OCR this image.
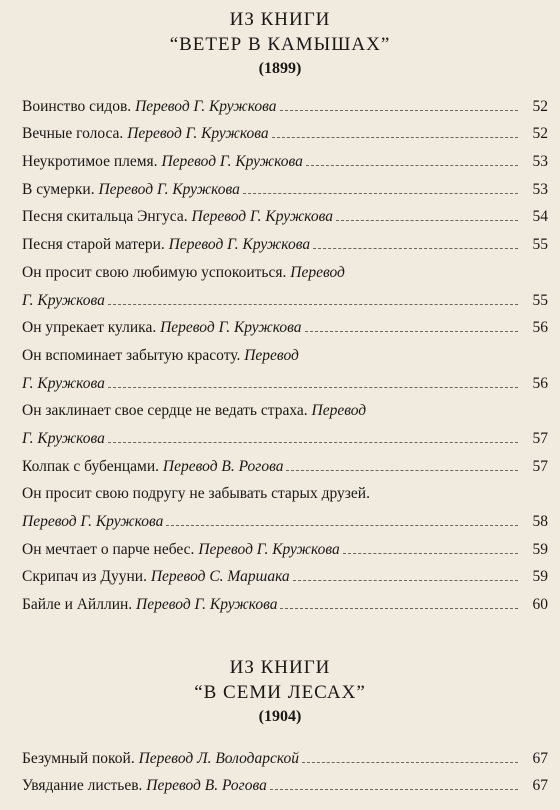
ИЗ КНИГИ
“ВЕТЕР В КАМЫШАХ”
(1899)
Воинство сидов. Перевод Г. Кружкова	52
Вечные голоса. Перевод Г. Кружкова	52
Неукротимое племя. Перевод Г. Кружкова	53
В сумерки. Перевод Г. Кружкова	53
Песня скитальца Энгуса. Перевод Г. Кружкова	54
Песня старой матери. Перевод Г. Кружкова	55
Он просит свою любимую успокоиться. Перевод
Г. Кружкова	55
Он упрекает кулика. Перевод Г. Кружкова	56
Он вспоминает забытую красоту. Перевод
Г. Кружкова	56
Он заклинает свое сердце не ведать страха. Перевод
Г. Кружкова	57
Колпак с бубенцами. Перевод В. Рогова	57
Он просит свою подругу не забывать старых друзей.
Перевод Г. Кружкова	58
Он мечтает о парче небес. Перевод Г. Кружкова	59
Скрипач из Дууни. Перевод С. Маршака	59
Байле и Айллин. Перевод Г. Кружкова	60
ИЗ КНИГИ
“В СЕМИ ЛЕСАХ”
(1904)
Безумный покой. Перевод Л. Володарской	67
Увядание листьев. Перевод В. Рогова	67
